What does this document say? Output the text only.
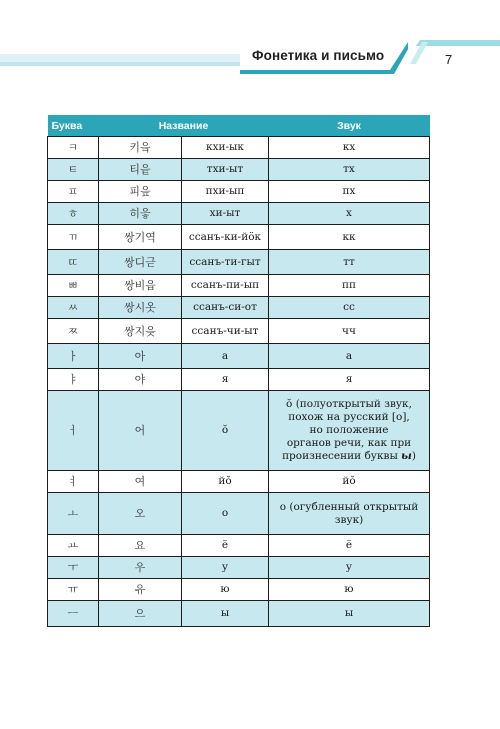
Фонетика и письмо	7
Буква	Название		Звук
ㅋ	키읔	кхи-ык	кх
ㅌ	티읕	тхи-ыт	тх
ㅍ	피읖	пхи-ып	пх
ㅎ	히읗	хи-ыт	х
ㄲ	쌍기역	ссанъ-ки-йӧк	кк
ㄸ	쌍디귿	ссанъ-ти-гыт	тт
ㅃ	쌍비읍	ссанъ-пи-ып	пп
ㅆ	쌍시옷	ссанъ-си-от	сс
ㅉ	쌍지읒	ссанъ-чи-ыт	чч
ㅏ	아	а	а
ㅑ	야	я	я
ㅓ	어	ŏ	ŏ (полуоткрытый звук,
похож на русский [o],
но положение
органов речи, как при
произнесении буквы ы)
ㅕ	여	йŏ	йŏ
ㅗ	오	о	о (огубленный открытый
звук)
ㅛ	요	ё	ё
ㅜ	우	у	у
ㅠ	유	ю	ю
ㅡ	으	ы	ы
